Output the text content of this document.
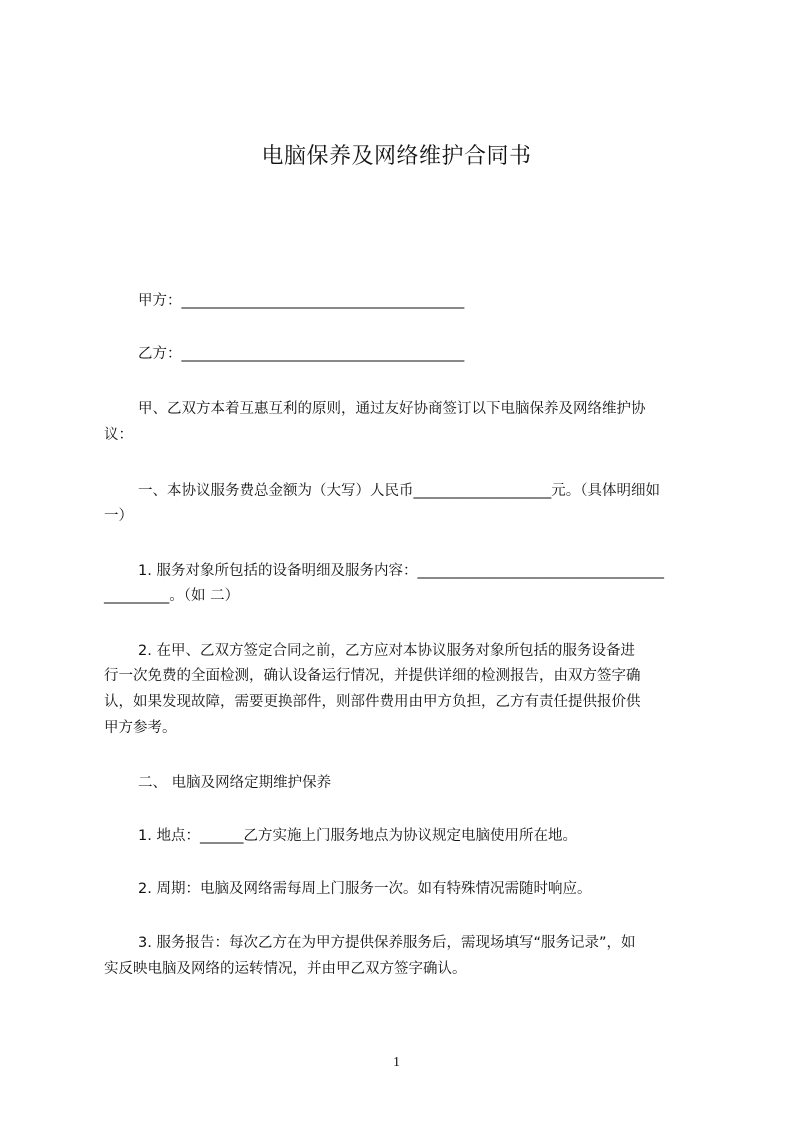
电脑保养及网络维护合同书
甲方：_______________________________________
乙方：_______________________________________
甲、乙双方本着互惠互利的原则，通过友好协商签订以下电脑保养及网络维护协
议：
一、本协议服务费总金额为（大写）人民币___________________元。（具体明细如
一）
1. 服务对象所包括的设备明细及服务内容：__________________________________
_________。（如 二）
2. 在甲、乙双方签定合同之前，乙方应对本协议服务对象所包括的服务设备进
行一次免费的全面检测，确认设备运行情况，并提供详细的检测报告，由双方签字确
认，如果发现故障，需要更换部件，则部件费用由甲方负担，乙方有责任提供报价供
甲方参考。
二、 电脑及网络定期维护保养
1. 地点：______乙方实施上门服务地点为协议规定电脑使用所在地。
2. 周期：电脑及网络需每周上门服务一次。如有特殊情况需随时响应。
3. 服务报告：每次乙方在为甲方提供保养服务后，需现场填写“服务记录”，如
实反映电脑及网络的运转情况，并由甲乙双方签字确认。
1
